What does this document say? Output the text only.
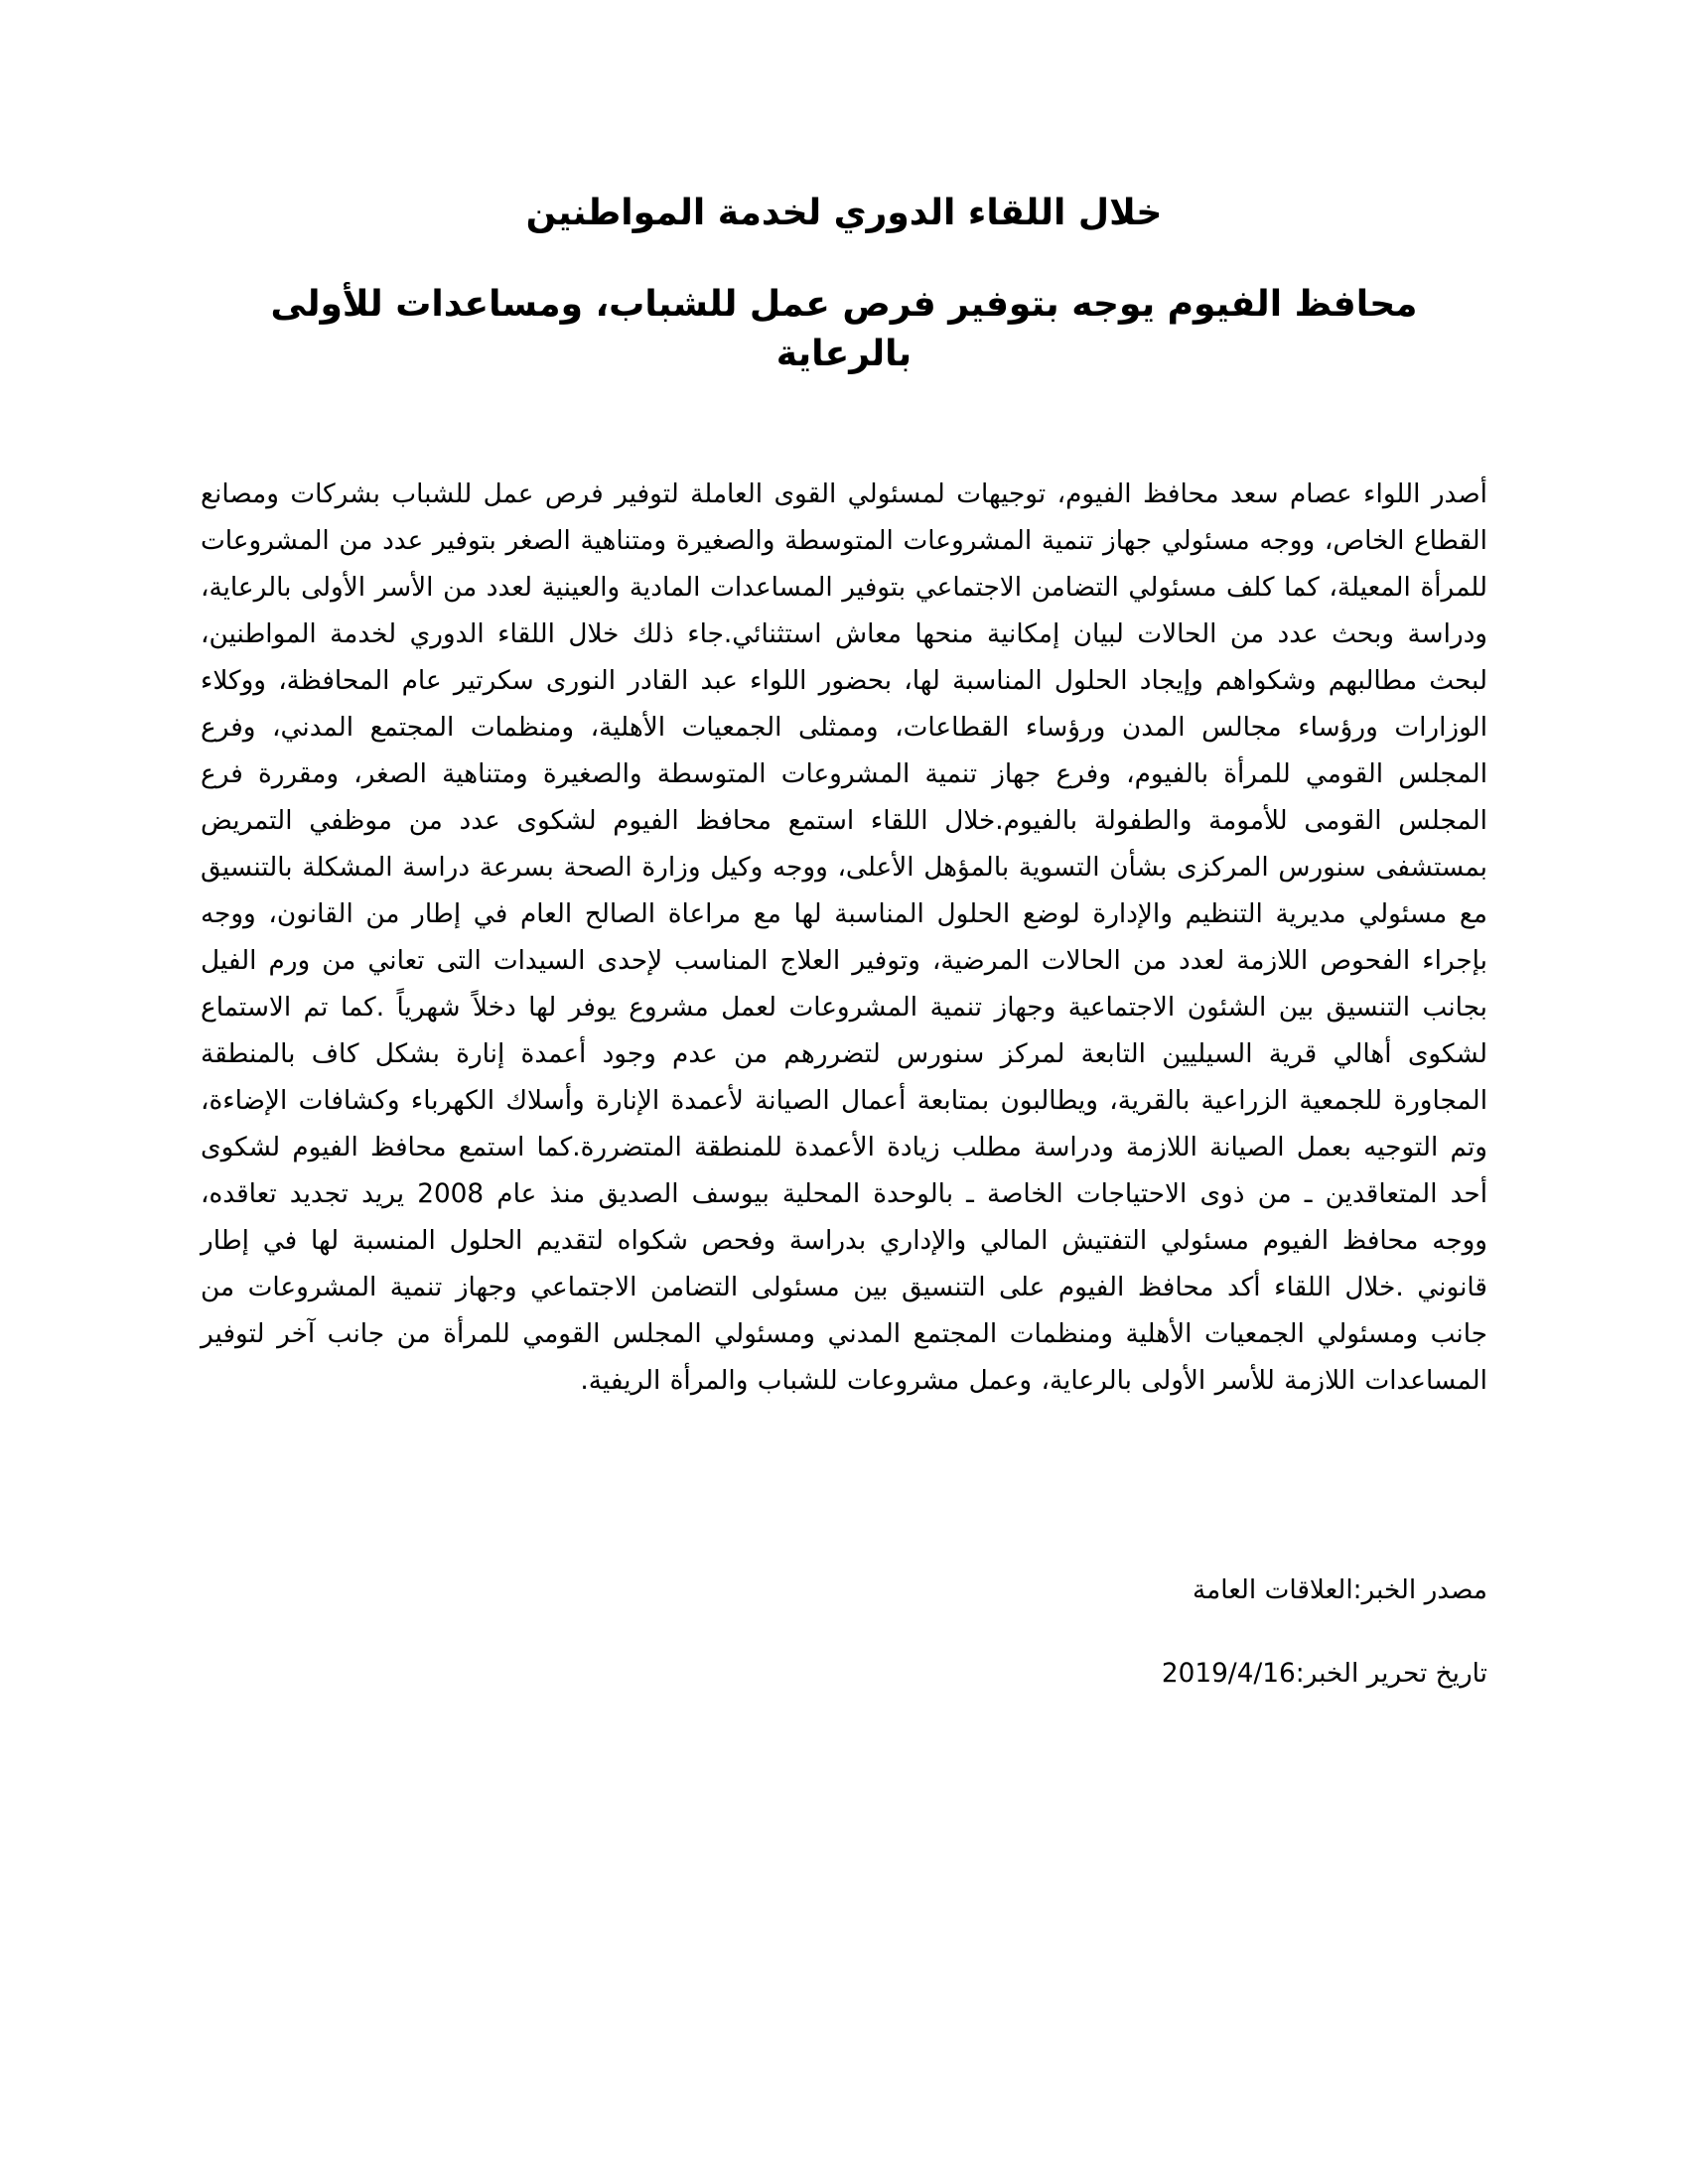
خلال اللقاء الدوري لخدمة المواطنين
محافظ الفيوم يوجه بتوفير فرص عمل للشباب، ومساعدات للأولى بالرعاية

أصدر اللواء عصام سعد محافظ الفيوم، توجيهات لمسئولي القوى العاملة لتوفير فرص عمل للشباب بشركات ومصانع القطاع الخاص، ووجه مسئولي جهاز تنمية المشروعات المتوسطة والصغيرة ومتناهية الصغر بتوفير عدد من المشروعات للمرأة المعيلة، كما كلف مسئولي التضامن الاجتماعي بتوفير المساعدات المادية والعينية لعدد من الأسر الأولى بالرعاية، ودراسة وبحث عدد من الحالات لبيان إمكانية منحها معاش استثنائي.جاء ذلك خلال اللقاء الدوري لخدمة المواطنين، لبحث مطالبهم وشكواهم وإيجاد الحلول المناسبة لها، بحضور اللواء عبد القادر النورى سكرتير عام المحافظة، ووكلاء الوزارات ورؤساء مجالس المدن ورؤساء القطاعات، وممثلى الجمعيات الأهلية، ومنظمات المجتمع المدني، وفرع المجلس القومي للمرأة بالفيوم، وفرع جهاز تنمية المشروعات المتوسطة والصغيرة ومتناهية الصغر، ومقررة فرع المجلس القومى للأمومة والطفولة بالفيوم.خلال اللقاء استمع محافظ الفيوم لشكوى عدد من موظفي التمريض بمستشفى سنورس المركزى بشأن التسوية بالمؤهل الأعلى، ووجه وكيل وزارة الصحة بسرعة دراسة المشكلة بالتنسيق مع مسئولي مديرية التنظيم والإدارة لوضع الحلول المناسبة لها مع مراعاة الصالح العام في إطار من القانون، ووجه بإجراء الفحوص اللازمة لعدد من الحالات المرضية، وتوفير العلاج المناسب لإحدى السيدات التى تعاني من ورم الفيل بجانب التنسيق بين الشئون الاجتماعية وجهاز تنمية المشروعات لعمل مشروع يوفر لها دخلاً شهرياً .كما تم الاستماع لشكوى أهالي قرية السيليين التابعة لمركز سنورس لتضررهم من عدم وجود أعمدة إنارة بشكل كاف بالمنطقة المجاورة للجمعية الزراعية بالقرية، ويطالبون بمتابعة أعمال الصيانة لأعمدة الإنارة وأسلاك الكهرباء وكشافات الإضاءة، وتم التوجيه بعمل الصيانة اللازمة ودراسة مطلب زيادة الأعمدة للمنطقة المتضررة.كما استمع محافظ الفيوم لشكوى أحد المتعاقدين ـ من ذوى الاحتياجات الخاصة ـ بالوحدة المحلية بيوسف الصديق منذ عام 2008 يريد تجديد تعاقده، ووجه محافظ الفيوم مسئولي التفتيش المالي والإداري بدراسة وفحص شكواه لتقديم الحلول المنسبة لها في إطار قانوني .خلال اللقاء أكد محافظ الفيوم على التنسيق بين مسئولى التضامن الاجتماعي وجهاز تنمية المشروعات من جانب ومسئولي الجمعيات الأهلية ومنظمات المجتمع المدني ومسئولي المجلس القومي للمرأة من جانب آخر لتوفير المساعدات اللازمة للأسر الأولى بالرعاية، وعمل مشروعات للشباب والمرأة الريفية.

مصدر الخبر:العلاقات العامة
تاريخ تحرير الخبر:2019/4/16
